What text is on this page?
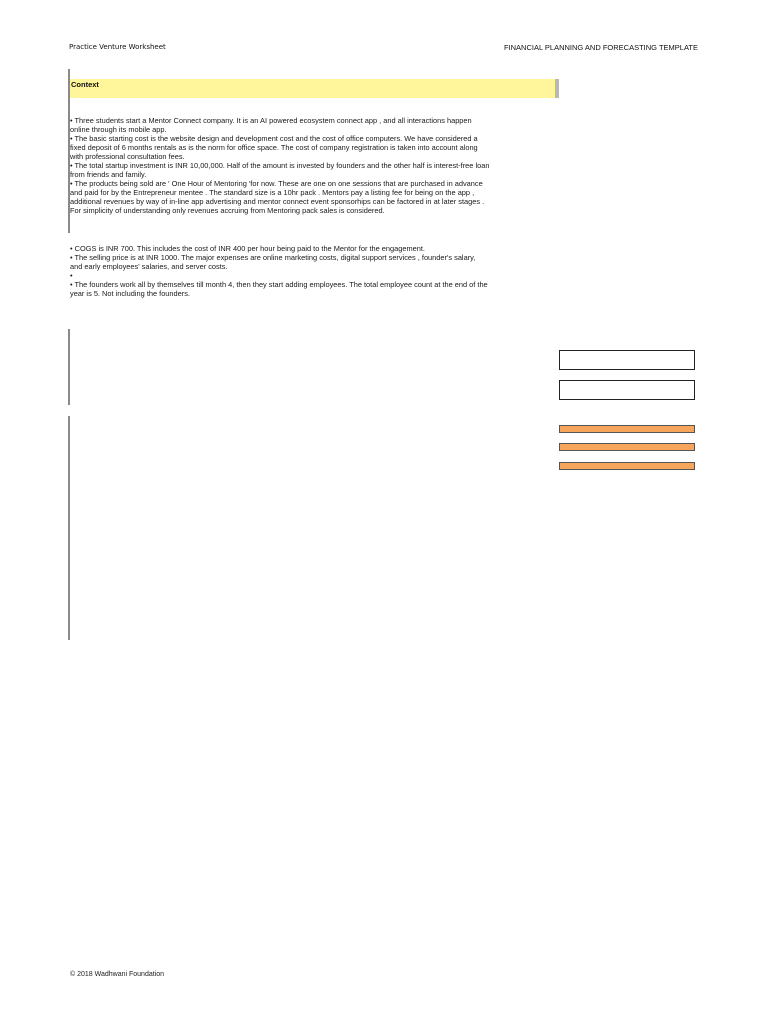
Practice Venture Worksheet	FINANCIAL PLANNING AND FORECASTING TEMPLATE
Context
• Three students start a Mentor Connect company. It is an AI powered ecosystem connect app , and all interactions happen
online through its mobile app.
• The basic starting cost is the website design and development cost and the cost of office computers. We have considered a
fixed deposit of 6 months rentals as is the norm for office space. The cost of company registration is taken into account along
with professional consultation fees.
• The total startup investment is INR 10,00,000. Half of the amount is invested by founders and the other half is interest-free loan
from friends and family.
• The products being sold are ' One Hour of Mentoring 'for now. These are one on one sessions that are purchased in advance
and paid for by the Entrepreneur mentee . The standard size is a 10hr pack . Mentors pay a listing fee for being on the app ,
additional revenues by way of in-line app advertising and mentor connect event sponsorhips can be factored in at later stages .
For simplicity of understanding only revenues accruing from Mentoring pack sales is considered.
• COGS is INR 700. This includes the cost of INR 400 per hour being paid to the Mentor for the engagement.
• The selling price is at INR 1000. The major expenses are online marketing costs, digital support services , founder's salary,
and early employees' salaries, and server costs.
•
• The founders work all by themselves till month 4, then they start adding employees. The total employee count at the end of the
year is 5. Not including the founders.
© 2018 Wadhwani Foundation
